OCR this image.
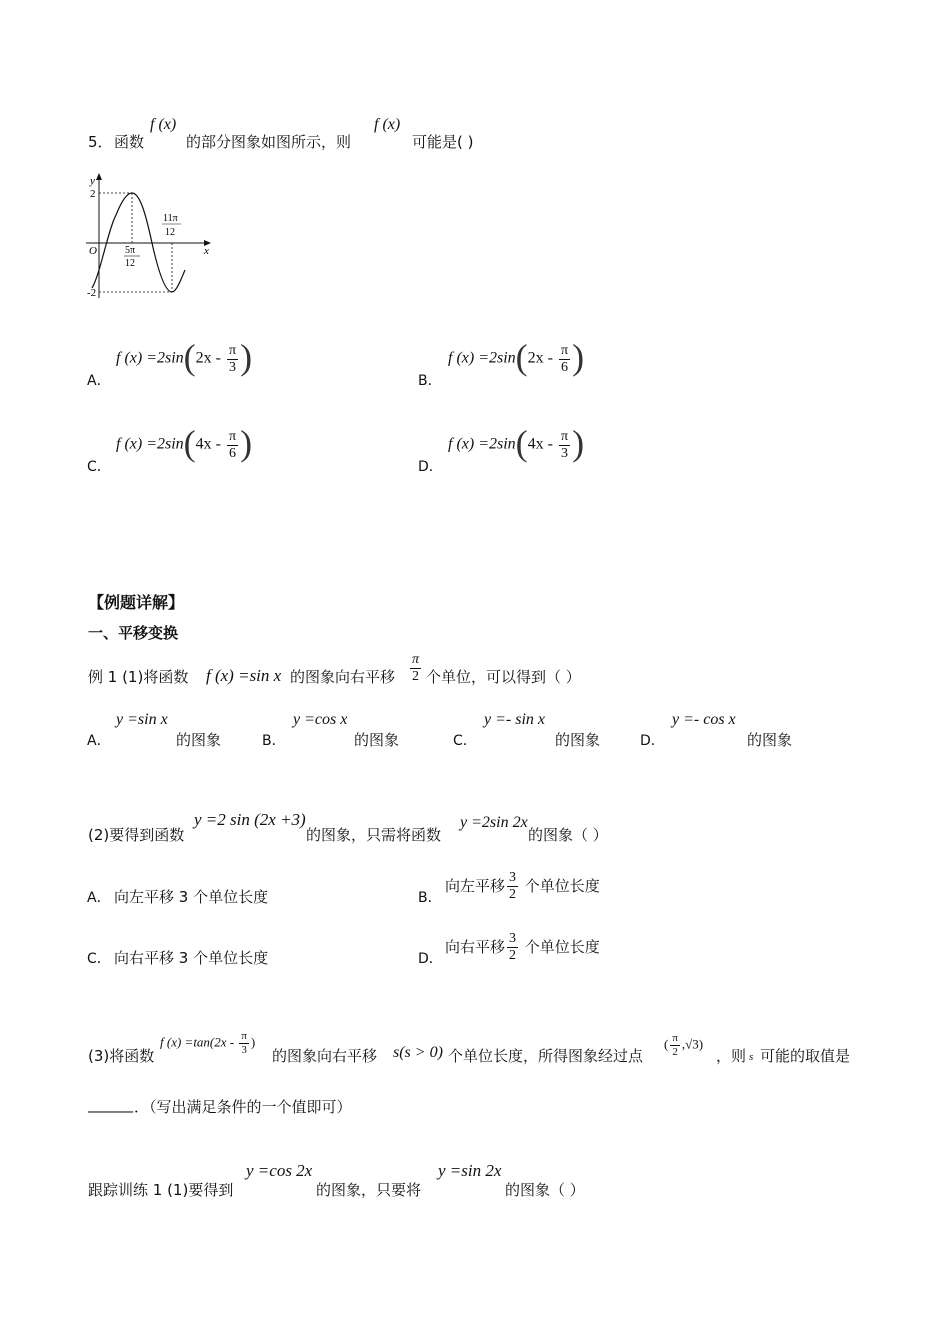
5． 函数
f (x)
的部分图象如图所示，则
f (x)
可能是( )
y
x
O
2
-2
5π
12
11π
12
A．
f $(x) =2\sin(2x - \frac{\pi}{3}$ )
B．
f $(x) =2\sin(2x - \frac{\pi}{6}$ )
C．
f $(x) =2\sin(4x - \frac{\pi}{6}$ )
D．
f $(x) =2\sin(4x - \frac{\pi}{3}$ )
【例题详解】
一、平移变换
例 1 (1)将函数 f (x) =sin x 的图象向右平移 $\frac{\pi}{2}$ 个单位，可以得到（ ）
A．
y =sin x
的图象	B．
y =cos x
的图象	C．
y =- sin x
的图象	D．
y =- cos x
的图象
(2)要得到函数
y =2 sin (2x +3)
的图象，只需将函数
y =2sin 2x
的图象（ ）
A． 向左平移 3 个单位长度	B．
向左平移 $\frac{3}{2}$ 个单位长度
C． 向右平移 3 个单位长度	D．
向右平移 $\frac{3}{2}$ 个单位长度
(3)将函数
f $(x) =\tan(2x - \frac{\pi}{3}$ )
的图象向右平移 s(s > 0) 个单位长度，所得图象经过点
( $\frac{\pi}{2} ,√3$)
，则 s 可能的取值是
______ ．（写出满足条件的一个值即可）
跟踪训练 1 (1)要得到
y =cos 2x
的图象，只要将
y =sin 2x
的图象（ ）
